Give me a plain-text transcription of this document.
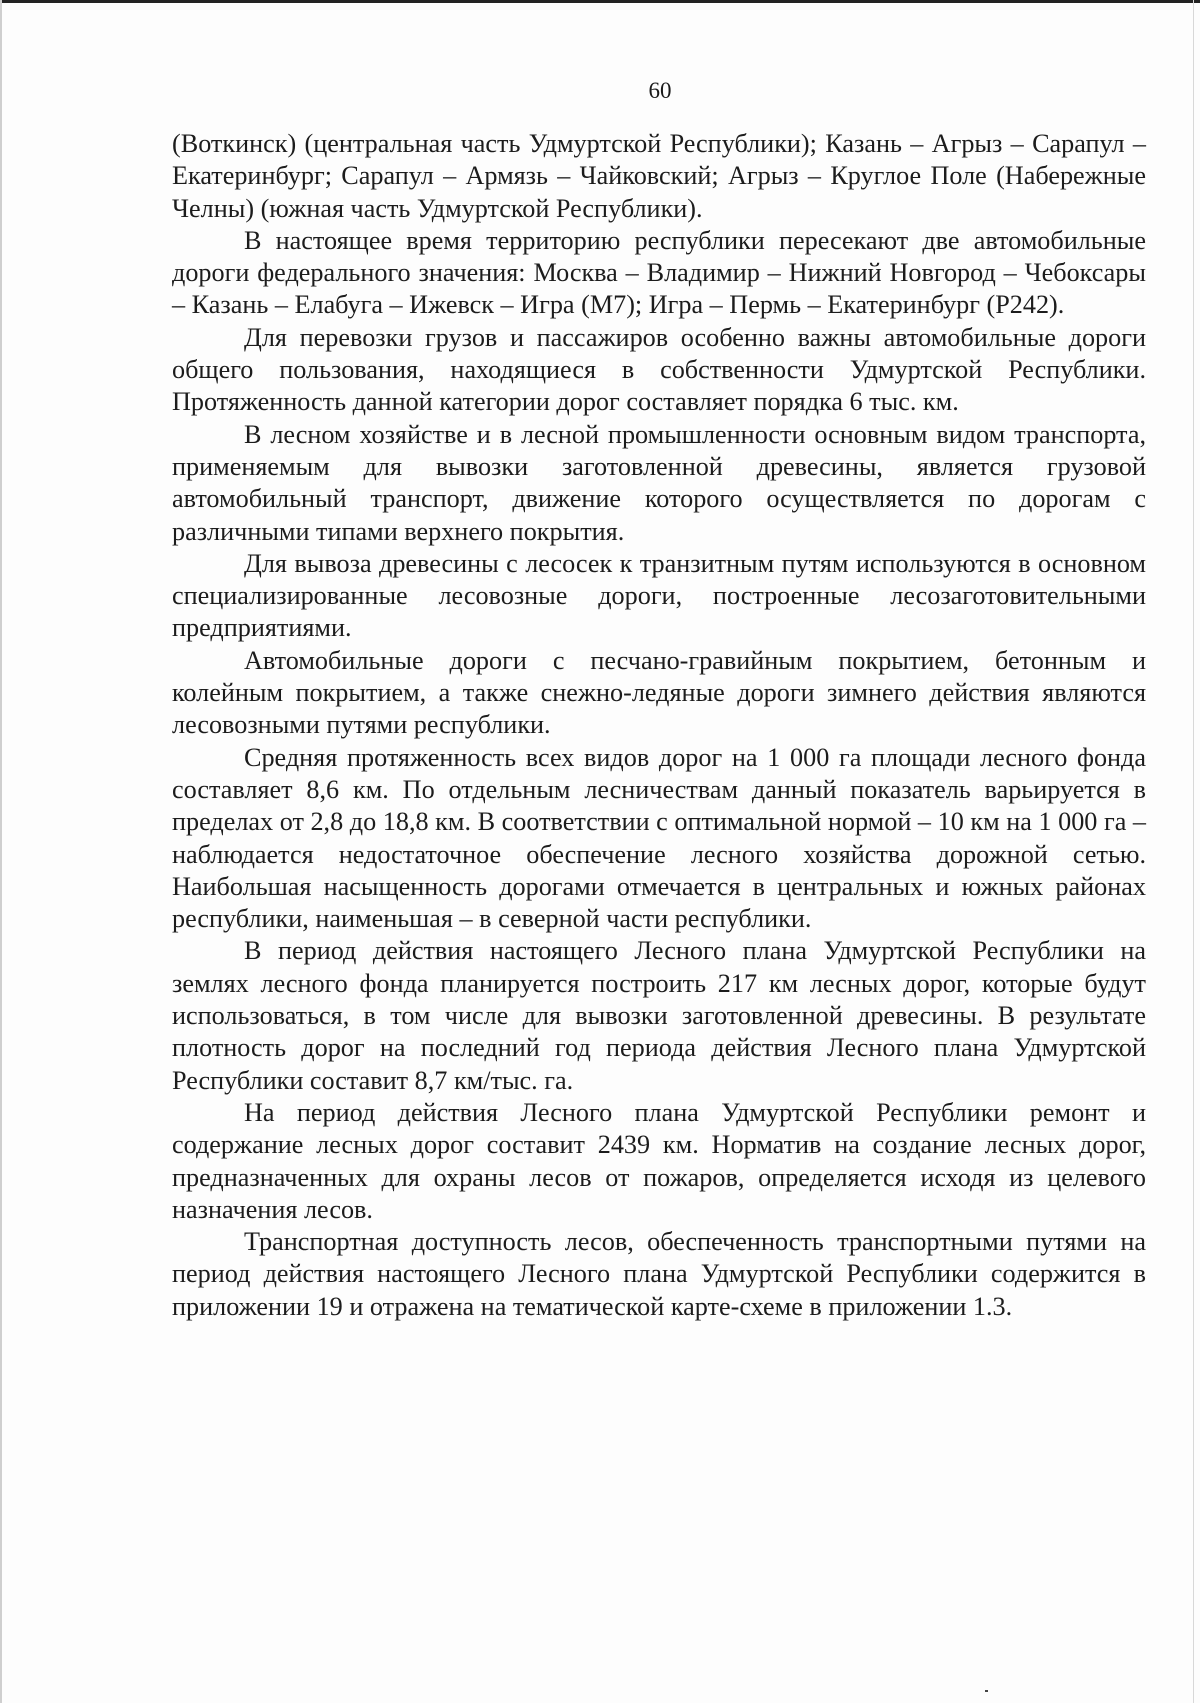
60

(Воткинск) (центральная часть Удмуртской Республики); Казань – Агрыз – Сарапул – Екатеринбург; Сарапул – Армязь – Чайковский; Агрыз – Круглое Поле (Набережные Челны) (южная часть Удмуртской Республики).

В настоящее время территорию республики пересекают две автомобильные дороги федерального значения: Москва – Владимир – Нижний Новгород – Чебоксары – Казань – Елабуга – Ижевск – Игра (М7); Игра – Пермь – Екатеринбург (Р242).

Для перевозки грузов и пассажиров особенно важны автомобильные дороги общего пользования, находящиеся в собственности Удмуртской Республики. Протяженность данной категории дорог составляет порядка 6 тыс. км.

В лесном хозяйстве и в лесной промышленности основным видом транспорта, применяемым для вывозки заготовленной древесины, является грузовой автомобильный транспорт, движение которого осуществляется по дорогам с различными типами верхнего покрытия.

Для вывоза древесины с лесосек к транзитным путям используются в основном специализированные лесовозные дороги, построенные лесозаготовительными предприятиями.

Автомобильные дороги с песчано-гравийным покрытием, бетонным и колейным покрытием, а также снежно-ледяные дороги зимнего действия являются лесовозными путями республики.

Средняя протяженность всех видов дорог на 1 000 га площади лесного фонда составляет 8,6 км. По отдельным лесничествам данный показатель варьируется в пределах от 2,8 до 18,8 км. В соответствии с оптимальной нормой – 10 км на 1 000 га – наблюдается недостаточное обеспечение лесного хозяйства дорожной сетью. Наибольшая насыщенность дорогами отмечается в центральных и южных районах республики, наименьшая – в северной части республики.

В период действия настоящего Лесного плана Удмуртской Республики на землях лесного фонда планируется построить 217 км лесных дорог, которые будут использоваться, в том числе для вывозки заготовленной древесины. В результате плотность дорог на последний год периода действия Лесного плана Удмуртской Республики составит 8,7 км/тыс. га.

На период действия Лесного плана Удмуртской Республики ремонт и содержание лесных дорог составит 2439 км. Норматив на создание лесных дорог, предназначенных для охраны лесов от пожаров, определяется исходя из целевого назначения лесов.

Транспортная доступность лесов, обеспеченность транспортными путями на период действия настоящего Лесного плана Удмуртской Республики содержится в приложении 19 и отражена на тематической карте-схеме в приложении 1.3.
